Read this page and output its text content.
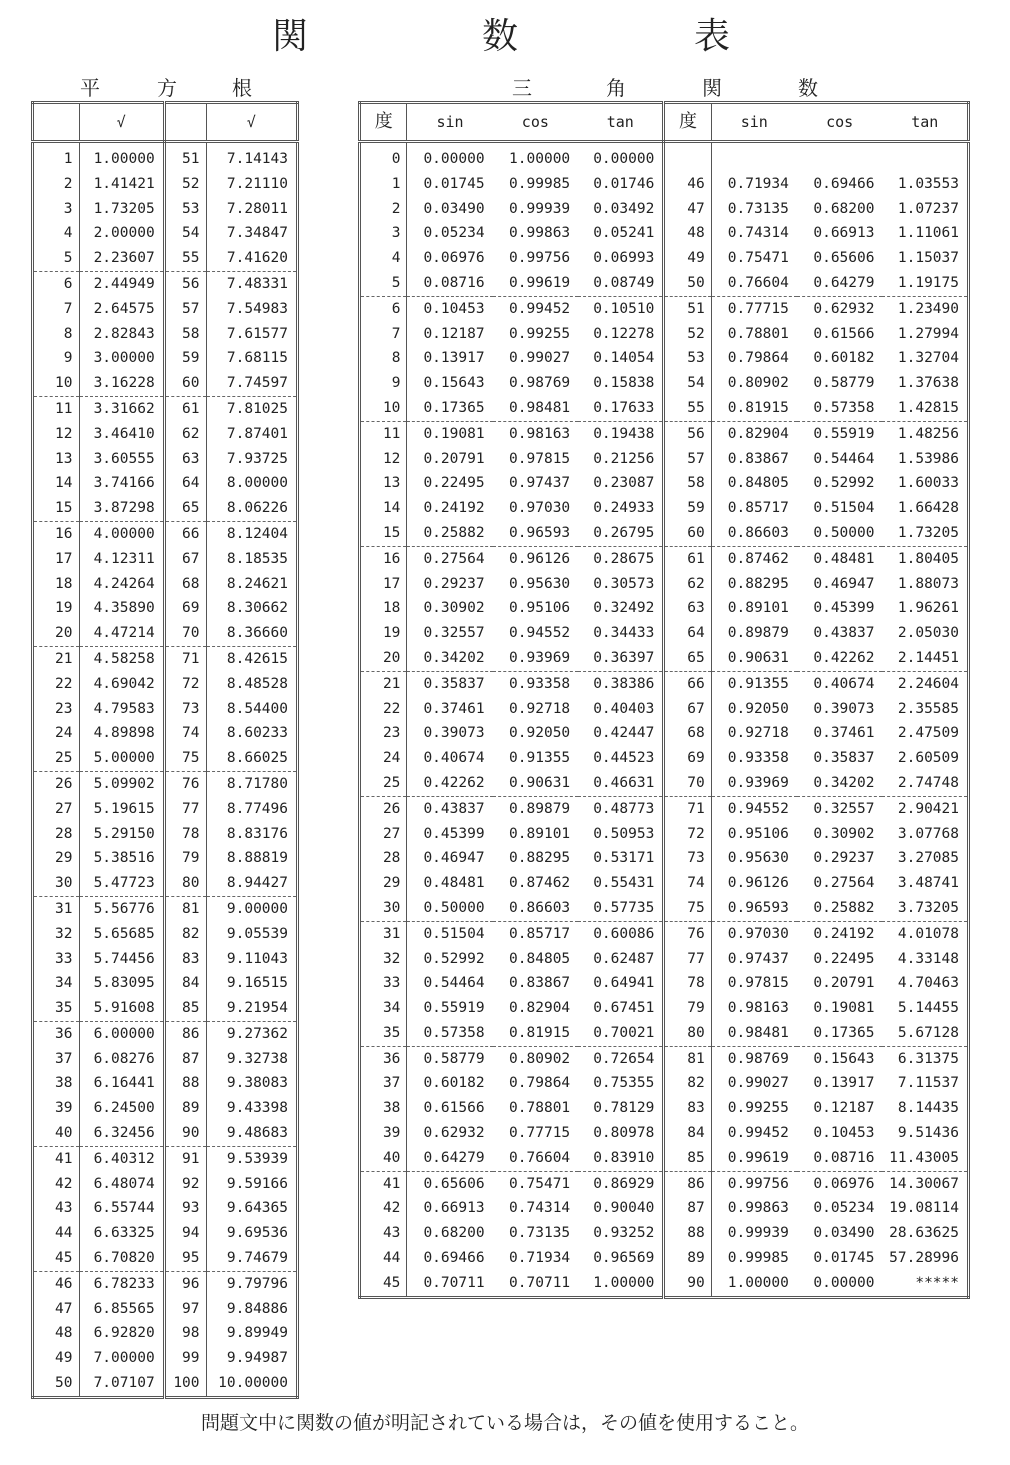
関	数	表
平	方	根	三	角	関	数
	√		√
1	1.00000	51	7.14143
2	1.41421	52	7.21110
3	1.73205	53	7.28011
4	2.00000	54	7.34847
5	2.23607	55	7.41620
6	2.44949	56	7.48331
7	2.64575	57	7.54983
8	2.82843	58	7.61577
9	3.00000	59	7.68115
10	3.16228	60	7.74597
11	3.31662	61	7.81025
12	3.46410	62	7.87401
13	3.60555	63	7.93725
14	3.74166	64	8.00000
15	3.87298	65	8.06226
16	4.00000	66	8.12404
17	4.12311	67	8.18535
18	4.24264	68	8.24621
19	4.35890	69	8.30662
20	4.47214	70	8.36660
21	4.58258	71	8.42615
22	4.69042	72	8.48528
23	4.79583	73	8.54400
24	4.89898	74	8.60233
25	5.00000	75	8.66025
26	5.09902	76	8.71780
27	5.19615	77	8.77496
28	5.29150	78	8.83176
29	5.38516	79	8.88819
30	5.47723	80	8.94427
31	5.56776	81	9.00000
32	5.65685	82	9.05539
33	5.74456	83	9.11043
34	5.83095	84	9.16515
35	5.91608	85	9.21954
36	6.00000	86	9.27362
37	6.08276	87	9.32738
38	6.16441	88	9.38083
39	6.24500	89	9.43398
40	6.32456	90	9.48683
41	6.40312	91	9.53939
42	6.48074	92	9.59166
43	6.55744	93	9.64365
44	6.63325	94	9.69536
45	6.70820	95	9.74679
46	6.78233	96	9.79796
47	6.85565	97	9.84886
48	6.92820	98	9.89949
49	7.00000	99	9.94987
50	7.07107	100	10.00000
度	sin	cos	tan	度	sin	cos	tan
0	0.00000	1.00000	0.00000				
1	0.01745	0.99985	0.01746	46	0.71934	0.69466	1.03553
2	0.03490	0.99939	0.03492	47	0.73135	0.68200	1.07237
3	0.05234	0.99863	0.05241	48	0.74314	0.66913	1.11061
4	0.06976	0.99756	0.06993	49	0.75471	0.65606	1.15037
5	0.08716	0.99619	0.08749	50	0.76604	0.64279	1.19175
6	0.10453	0.99452	0.10510	51	0.77715	0.62932	1.23490
7	0.12187	0.99255	0.12278	52	0.78801	0.61566	1.27994
8	0.13917	0.99027	0.14054	53	0.79864	0.60182	1.32704
9	0.15643	0.98769	0.15838	54	0.80902	0.58779	1.37638
10	0.17365	0.98481	0.17633	55	0.81915	0.57358	1.42815
11	0.19081	0.98163	0.19438	56	0.82904	0.55919	1.48256
12	0.20791	0.97815	0.21256	57	0.83867	0.54464	1.53986
13	0.22495	0.97437	0.23087	58	0.84805	0.52992	1.60033
14	0.24192	0.97030	0.24933	59	0.85717	0.51504	1.66428
15	0.25882	0.96593	0.26795	60	0.86603	0.50000	1.73205
16	0.27564	0.96126	0.28675	61	0.87462	0.48481	1.80405
17	0.29237	0.95630	0.30573	62	0.88295	0.46947	1.88073
18	0.30902	0.95106	0.32492	63	0.89101	0.45399	1.96261
19	0.32557	0.94552	0.34433	64	0.89879	0.43837	2.05030
20	0.34202	0.93969	0.36397	65	0.90631	0.42262	2.14451
21	0.35837	0.93358	0.38386	66	0.91355	0.40674	2.24604
22	0.37461	0.92718	0.40403	67	0.92050	0.39073	2.35585
23	0.39073	0.92050	0.42447	68	0.92718	0.37461	2.47509
24	0.40674	0.91355	0.44523	69	0.93358	0.35837	2.60509
25	0.42262	0.90631	0.46631	70	0.93969	0.34202	2.74748
26	0.43837	0.89879	0.48773	71	0.94552	0.32557	2.90421
27	0.45399	0.89101	0.50953	72	0.95106	0.30902	3.07768
28	0.46947	0.88295	0.53171	73	0.95630	0.29237	3.27085
29	0.48481	0.87462	0.55431	74	0.96126	0.27564	3.48741
30	0.50000	0.86603	0.57735	75	0.96593	0.25882	3.73205
31	0.51504	0.85717	0.60086	76	0.97030	0.24192	4.01078
32	0.52992	0.84805	0.62487	77	0.97437	0.22495	4.33148
33	0.54464	0.83867	0.64941	78	0.97815	0.20791	4.70463
34	0.55919	0.82904	0.67451	79	0.98163	0.19081	5.14455
35	0.57358	0.81915	0.70021	80	0.98481	0.17365	5.67128
36	0.58779	0.80902	0.72654	81	0.98769	0.15643	6.31375
37	0.60182	0.79864	0.75355	82	0.99027	0.13917	7.11537
38	0.61566	0.78801	0.78129	83	0.99255	0.12187	8.14435
39	0.62932	0.77715	0.80978	84	0.99452	0.10453	9.51436
40	0.64279	0.76604	0.83910	85	0.99619	0.08716	11.43005
41	0.65606	0.75471	0.86929	86	0.99756	0.06976	14.30067
42	0.66913	0.74314	0.90040	87	0.99863	0.05234	19.08114
43	0.68200	0.73135	0.93252	88	0.99939	0.03490	28.63625
44	0.69466	0.71934	0.96569	89	0.99985	0.01745	57.28996
45	0.70711	0.70711	1.00000	90	1.00000	0.00000	*****
問題文中に関数の値が明記されている場合は，その値を使用すること。
